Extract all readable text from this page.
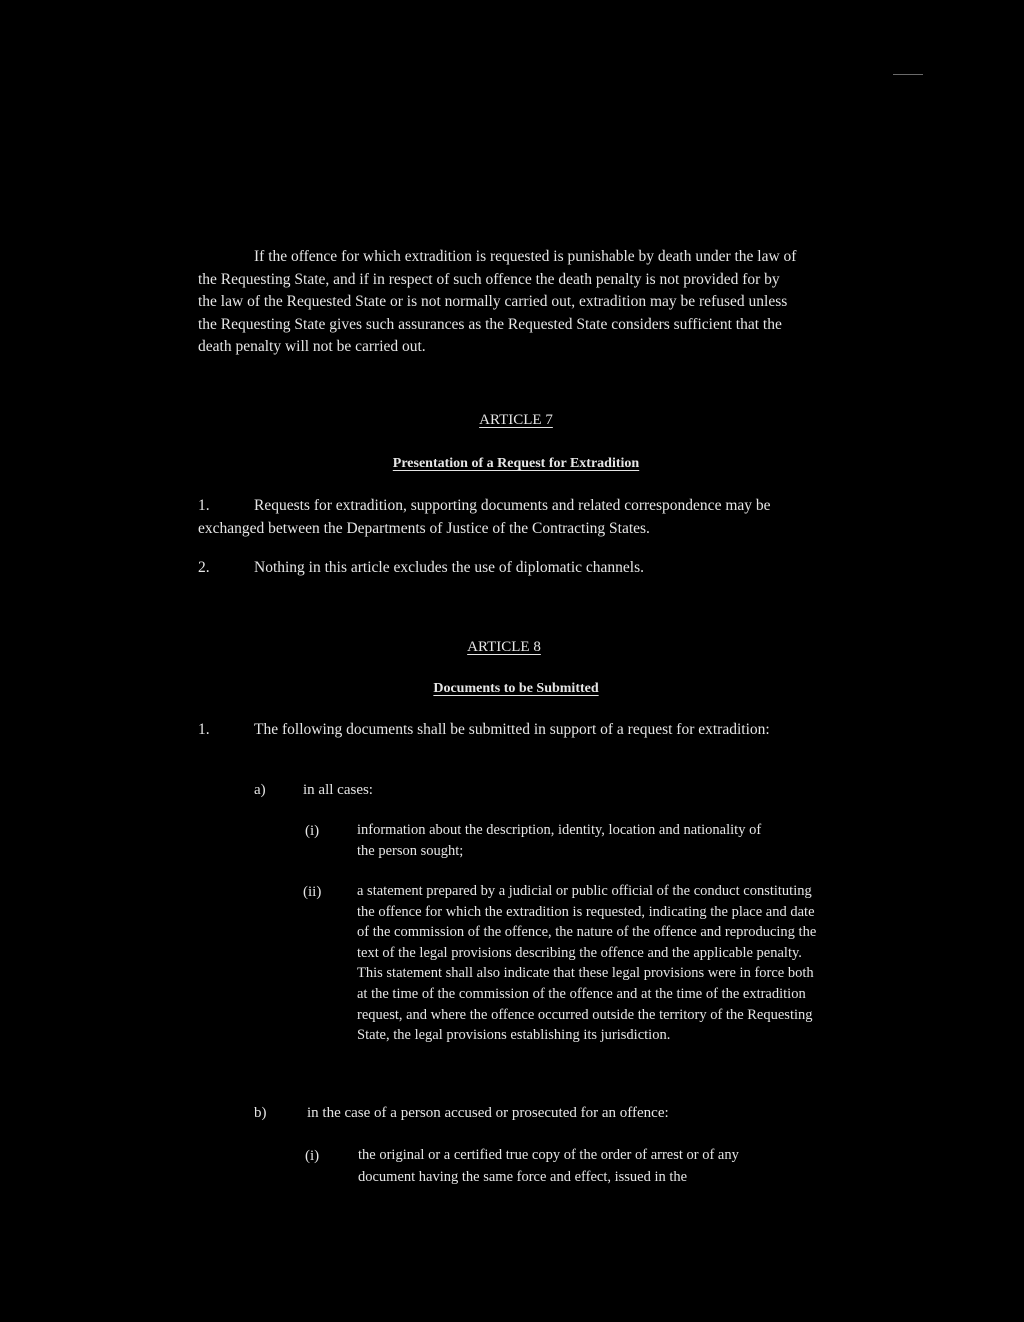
If the offence for which extradition is requested is punishable by death under the law of the Requesting State, and if in respect of such offence the death penalty is not provided for by the law of the Requested State or is not normally carried out, extradition may be refused unless the Requesting State gives such assurances as the Requested State considers sufficient that the death penalty will not be carried out.

ARTICLE 7
Presentation of a Request for Extradition
1.	Requests for extradition, supporting documents and related correspondence may be exchanged between the Departments of Justice of the Contracting States.

2.	Nothing in this article excludes the use of diplomatic channels.

ARTICLE 8
Documents to be Submitted
1.	The following documents shall be submitted in support of a request for extradition:

a) in all cases:
(i)	information about the description, identity, location and nationality of the person sought;

(ii) a statement prepared by a judicial or public official of the conduct constituting the offence for which the extradition is requested, indicating the place and date of the commission of the offence, the nature of the offence and reproducing the text of the legal provisions describing the offence and the applicable penalty. This statement shall also indicate that these legal provisions were in force both at the time of the commission of the offence and at the time of the extradition request, and where the offence occurred outside the territory of the Requesting State, the legal provisions establishing its jurisdiction.

b)	in the case of a person accused or prosecuted for an offence:
(i)	the original or a certified true copy of the order of arrest or of any document having the same force and effect, issued in the
